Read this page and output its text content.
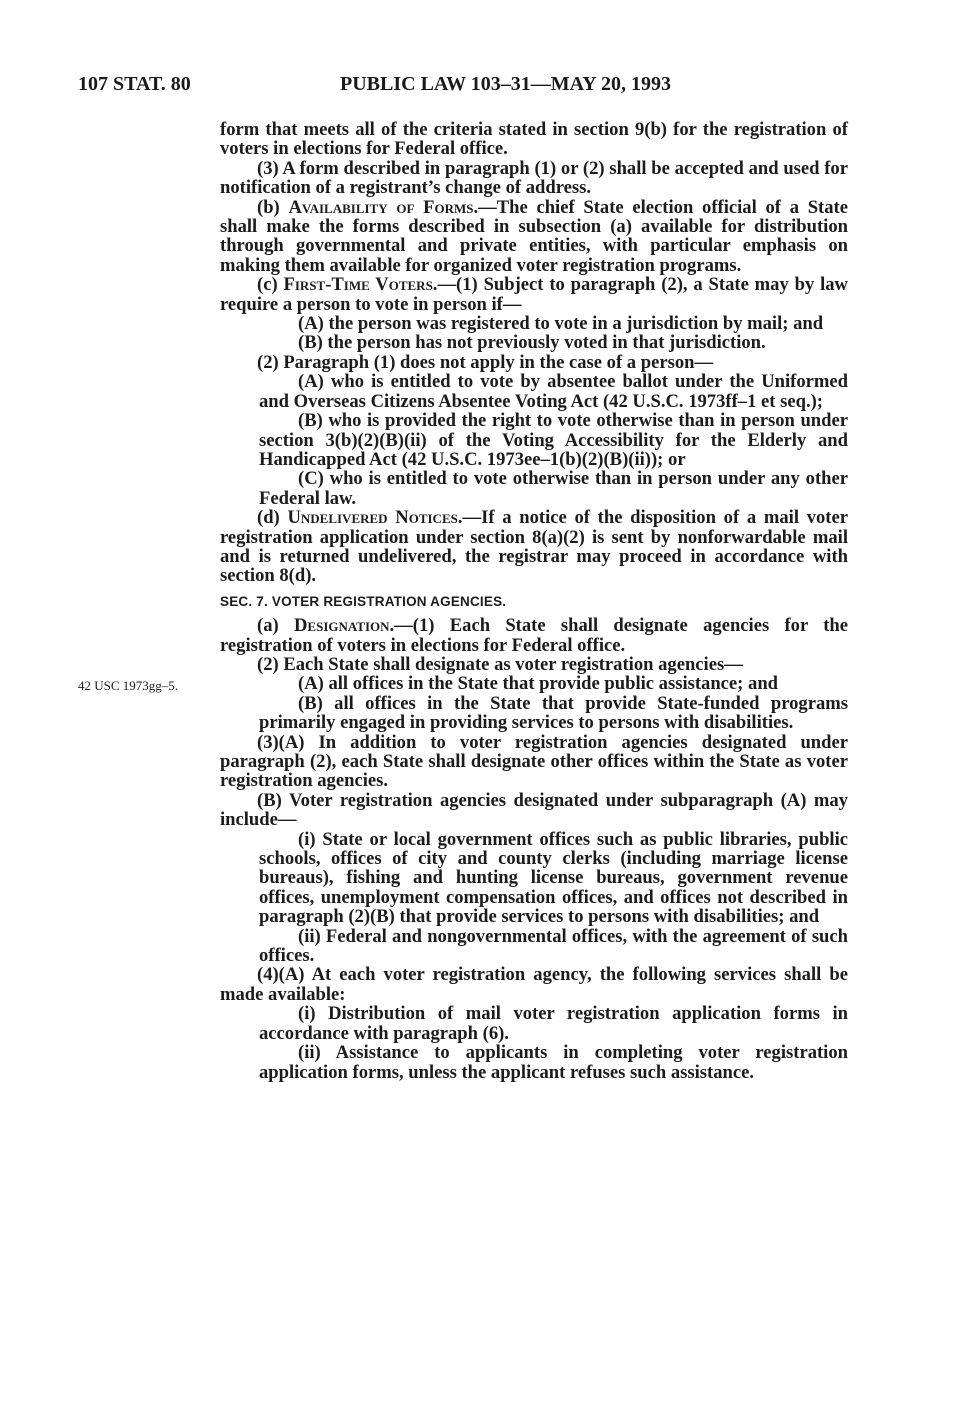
107 STAT. 80	PUBLIC LAW 103–31—MAY 20, 1993
42 USC 1973gg–5.

form that meets all of the criteria stated in section 9(b) for the registration of voters in elections for Federal office.

(3) A form described in paragraph (1) or (2) shall be accepted and used for notification of a registrant’s change of address.

(b) Availability of Forms.—The chief State election official of a State shall make the forms described in subsection (a) available for distribution through governmental and private entities, with particular emphasis on making them available for organized voter registration programs.

(c) First-Time Voters.—(1) Subject to paragraph (2), a State may by law require a person to vote in person if—

(A) the person was registered to vote in a jurisdiction by mail; and

(B) the person has not previously voted in that jurisdiction.

(2) Paragraph (1) does not apply in the case of a person—

(A) who is entitled to vote by absentee ballot under the Uniformed and Overseas Citizens Absentee Voting Act (42 U.S.C. 1973ff–1 et seq.);

(B) who is provided the right to vote otherwise than in person under section 3(b)(2)(B)(ii) of the Voting Accessibility for the Elderly and Handicapped Act (42 U.S.C. 1973ee–1(b)(2)(B)(ii)); or

(C) who is entitled to vote otherwise than in person under any other Federal law.

(d) Undelivered Notices.—If a notice of the disposition of a mail voter registration application under section 8(a)(2) is sent by nonforwardable mail and is returned undelivered, the registrar may proceed in accordance with section 8(d).

SEC. 7. VOTER REGISTRATION AGENCIES.

(a) Designation.—(1) Each State shall designate agencies for the registration of voters in elections for Federal office.

(2) Each State shall designate as voter registration agencies—

(A) all offices in the State that provide public assistance; and

(B) all offices in the State that provide State-funded programs primarily engaged in providing services to persons with disabilities.

(3)(A) In addition to voter registration agencies designated under paragraph (2), each State shall designate other offices within the State as voter registration agencies.

(B) Voter registration agencies designated under subparagraph (A) may include—

(i) State or local government offices such as public libraries, public schools, offices of city and county clerks (including marriage license bureaus), fishing and hunting license bureaus, government revenue offices, unemployment compensation offices, and offices not described in paragraph (2)(B) that provide services to persons with disabilities; and

(ii) Federal and nongovernmental offices, with the agreement of such offices.

(4)(A) At each voter registration agency, the following services shall be made available:

(i) Distribution of mail voter registration application forms in accordance with paragraph (6).

(ii) Assistance to applicants in completing voter registration application forms, unless the applicant refuses such assistance.
